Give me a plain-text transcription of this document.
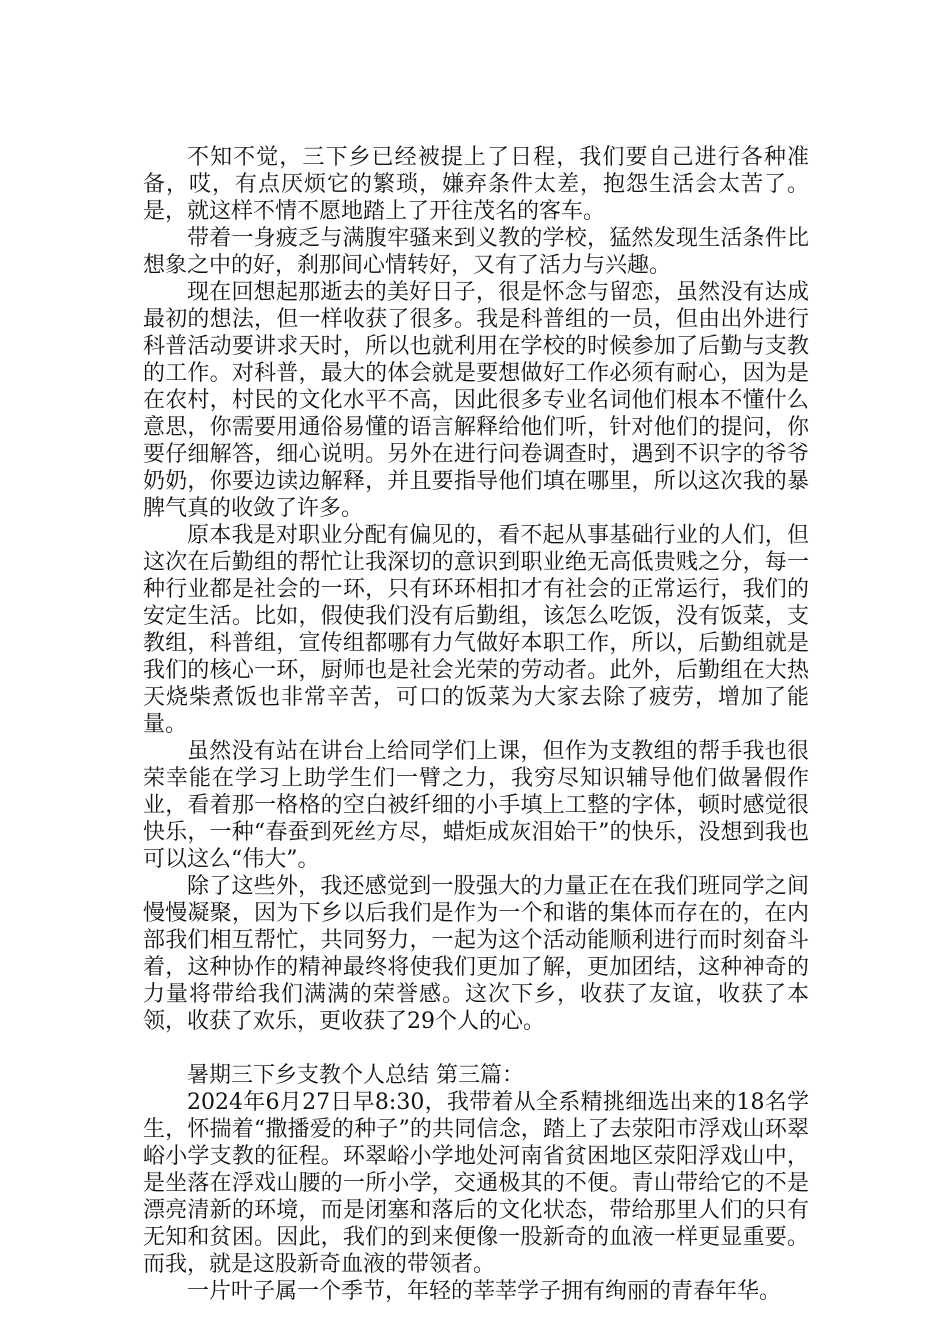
不知不觉，三下乡已经被提上了日程，我们要自己进行各种准备，哎，有点厌烦它的繁琐，嫌弃条件太差，抱怨生活会太苦了。是，就这样不情不愿地踏上了开往茂名的客车。

带着一身疲乏与满腹牢骚来到义教的学校，猛然发现生活条件比想象之中的好，刹那间心情转好，又有了活力与兴趣。

现在回想起那逝去的美好日子，很是怀念与留恋，虽然没有达成最初的想法，但一样收获了很多。我是科普组的一员，但由出外进行科普活动要讲求天时，所以也就利用在学校的时候参加了后勤与支教的工作。对科普，最大的体会就是要想做好工作必须有耐心，因为是在农村，村民的文化水平不高，因此很多专业名词他们根本不懂什么意思，你需要用通俗易懂的语言解释给他们听，针对他们的提问，你要仔细解答，细心说明。另外在进行问卷调查时，遇到不识字的爷爷奶奶，你要边读边解释，并且要指导他们填在哪里，所以这次我的暴脾气真的收敛了许多。

原本我是对职业分配有偏见的，看不起从事基础行业的人们，但这次在后勤组的帮忙让我深切的意识到职业绝无高低贵贱之分，每一种行业都是社会的一环，只有环环相扣才有社会的正常运行，我们的安定生活。比如，假使我们没有后勤组，该怎么吃饭，没有饭菜，支教组，科普组，宣传组都哪有力气做好本职工作，所以，后勤组就是我们的核心一环，厨师也是社会光荣的劳动者。此外，后勤组在大热天烧柴煮饭也非常辛苦，可口的饭菜为大家去除了疲劳，增加了能量。

虽然没有站在讲台上给同学们上课，但作为支教组的帮手我也很荣幸能在学习上助学生们一臂之力，我穷尽知识辅导他们做暑假作业，看着那一格格的空白被纤细的小手填上工整的字体，顿时感觉很快乐，一种“春蚕到死丝方尽，蜡炬成灰泪始干”的快乐，没想到我也可以这么“伟大”。

除了这些外，我还感觉到一股强大的力量正在在我们班同学之间慢慢凝聚，因为下乡以后我们是作为一个和谐的集体而存在的，在内部我们相互帮忙，共同努力，一起为这个活动能顺利进行而时刻奋斗着，这种协作的精神最终将使我们更加了解，更加团结，这种神奇的力量将带给我们满满的荣誉感。这次下乡，收获了友谊，收获了本领，收获了欢乐，更收获了29个人的心。

暑期三下乡支教个人总结 第三篇：

2024年6月27日早8:30，我带着从全系精挑细选出来的18名学生，怀揣着“撒播爱的种子”的共同信念，踏上了去荥阳市浮戏山环翠峪小学支教的征程。环翠峪小学地处河南省贫困地区荥阳浮戏山中，是坐落在浮戏山腰的一所小学，交通极其的不便。青山带给它的不是漂亮清新的环境，而是闭塞和落后的文化状态，带给那里人们的只有无知和贫困。因此，我们的到来便像一股新奇的血液一样更显重要。而我，就是这股新奇血液的带领者。

一片叶子属一个季节，年轻的莘莘学子拥有绚丽的青春年华。
